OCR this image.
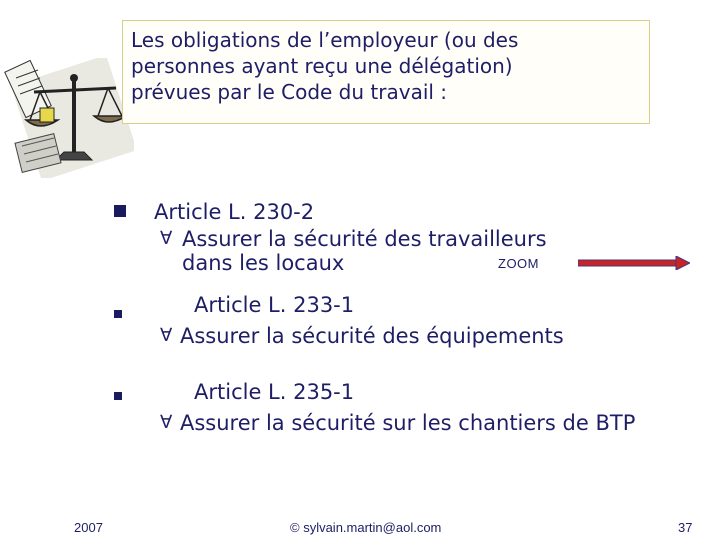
Les obligations de l’employeur (ou des
personnes ayant reçu une délégation)
prévues par le Code du travail :
Article L. 230-2
∀ Assurer la sécurité des travailleurs
dans les locaux	ZOOM
Article L. 233-1
∀ Assurer la sécurité des équipements
Article L. 235-1
∀ Assurer la sécurité sur les chantiers de BTP
2007	© sylvain.martin@aol.com	37
